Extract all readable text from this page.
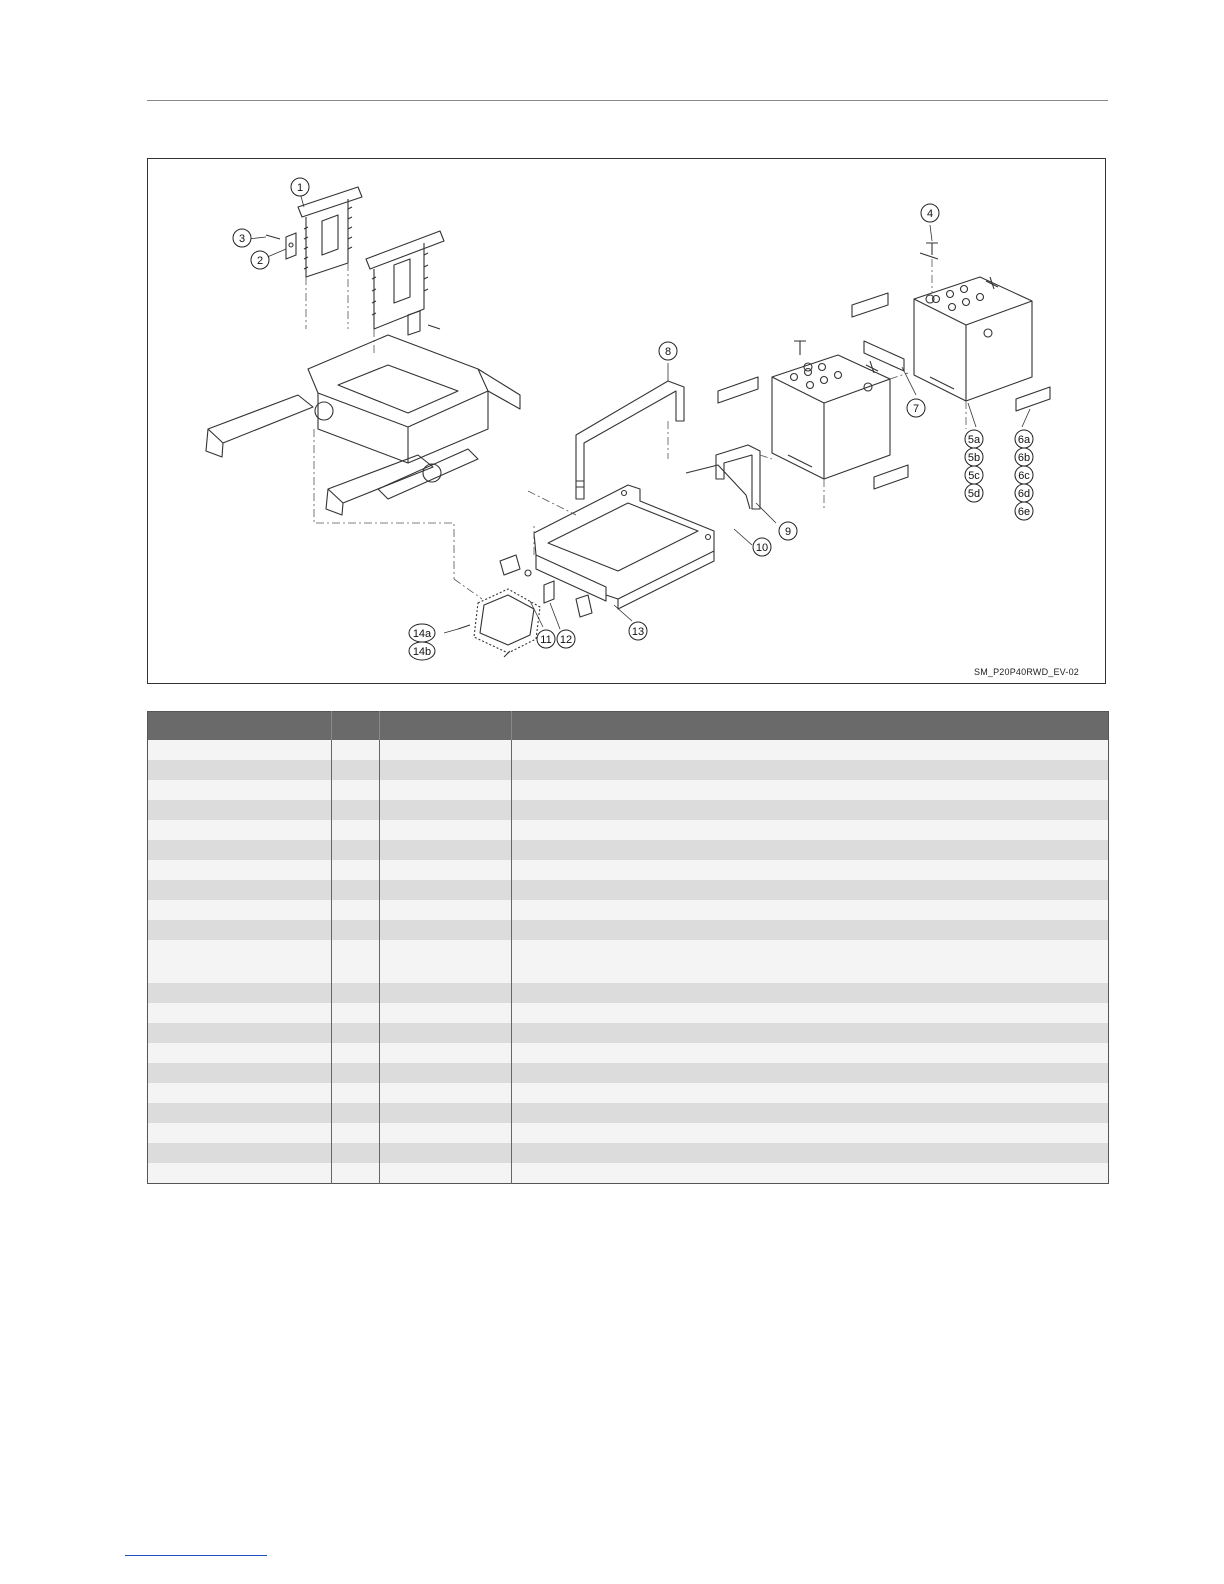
1
2
3
4
5a
5b
5c
5d
6a
6b
6c
6d
6e
7
8
9
10
11 12
13
14a
14b
SM_P20P40RWD_EV-02
